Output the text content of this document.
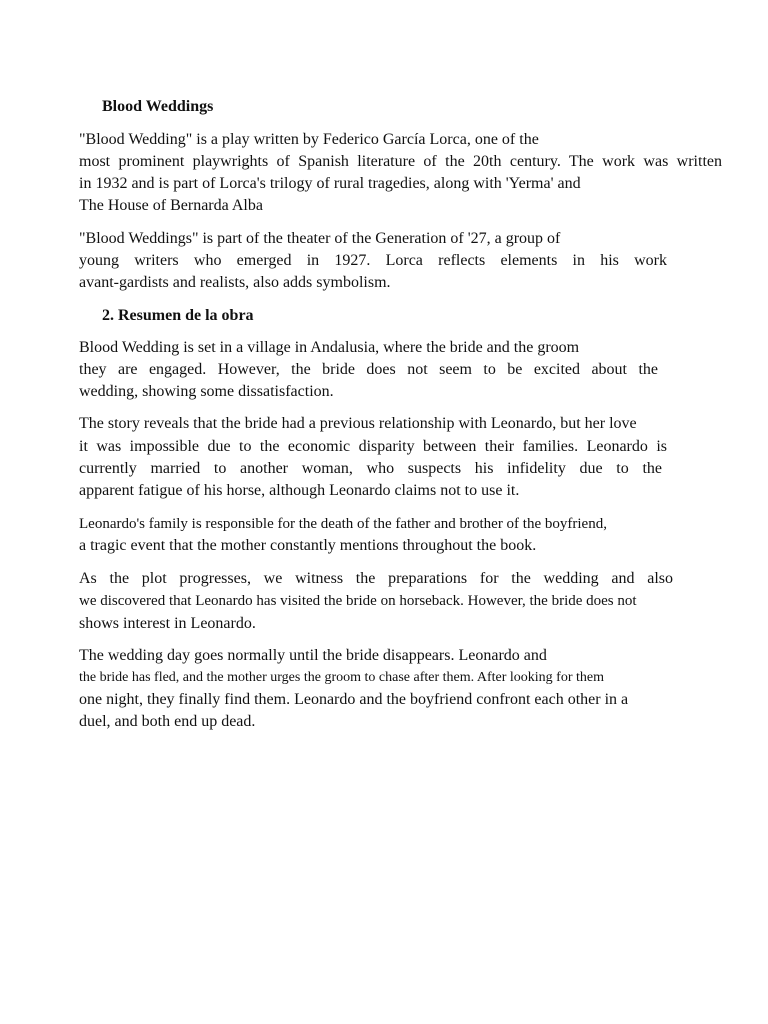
Blood Weddings
"Blood Wedding" is a play written by Federico García Lorca, one of the
most prominent playwrights of Spanish literature of the 20th century. The work was written
in 1932 and is part of Lorca's trilogy of rural tragedies, along with 'Yerma' and
The House of Bernarda Alba
"Blood Weddings" is part of the theater of the Generation of '27, a group of
young writers who emerged in 1927. Lorca reflects elements in his work
avant-gardists and realists, also adds symbolism.
2. Resumen de la obra
Blood Wedding is set in a village in Andalusia, where the bride and the groom
they are engaged. However, the bride does not seem to be excited about the
wedding, showing some dissatisfaction.
The story reveals that the bride had a previous relationship with Leonardo, but her love
it was impossible due to the economic disparity between their families. Leonardo is
currently married to another woman, who suspects his infidelity due to the
apparent fatigue of his horse, although Leonardo claims not to use it.
Leonardo's family is responsible for the death of the father and brother of the boyfriend,
a tragic event that the mother constantly mentions throughout the book.
As the plot progresses, we witness the preparations for the wedding and also
we discovered that Leonardo has visited the bride on horseback. However, the bride does not
shows interest in Leonardo.
The wedding day goes normally until the bride disappears. Leonardo and
the bride has fled, and the mother urges the groom to chase after them. After looking for them
one night, they finally find them. Leonardo and the boyfriend confront each other in a
duel, and both end up dead.
